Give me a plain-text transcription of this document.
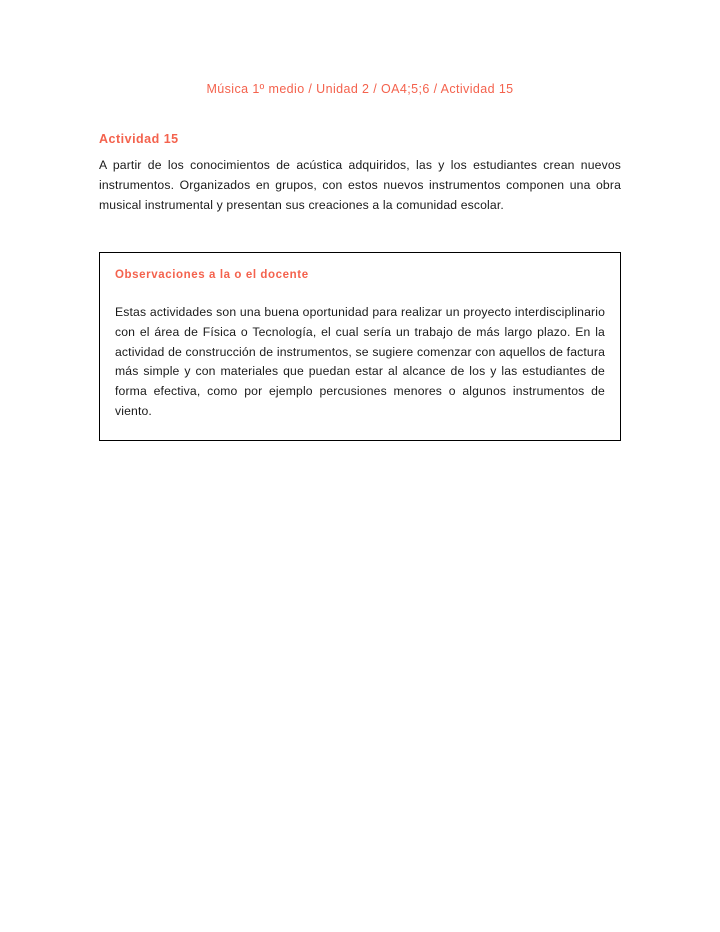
Música 1º medio / Unidad 2 / OA4;5;6 / Actividad 15
Actividad 15

A partir de los conocimientos de acústica adquiridos, las y los estudiantes crean nuevos instrumentos. Organizados en grupos, con estos nuevos instrumentos componen una obra musical instrumental y presentan sus creaciones a la comunidad escolar.

Observaciones a la o el docente

Estas actividades son una buena oportunidad para realizar un proyecto interdisciplinario con el área de Física o Tecnología, el cual sería un trabajo de más largo plazo. En la actividad de construcción de instrumentos, se sugiere comenzar con aquellos de factura más simple y con materiales que puedan estar al alcance de los y las estudiantes de forma efectiva, como por ejemplo percusiones menores o algunos instrumentos de viento.
